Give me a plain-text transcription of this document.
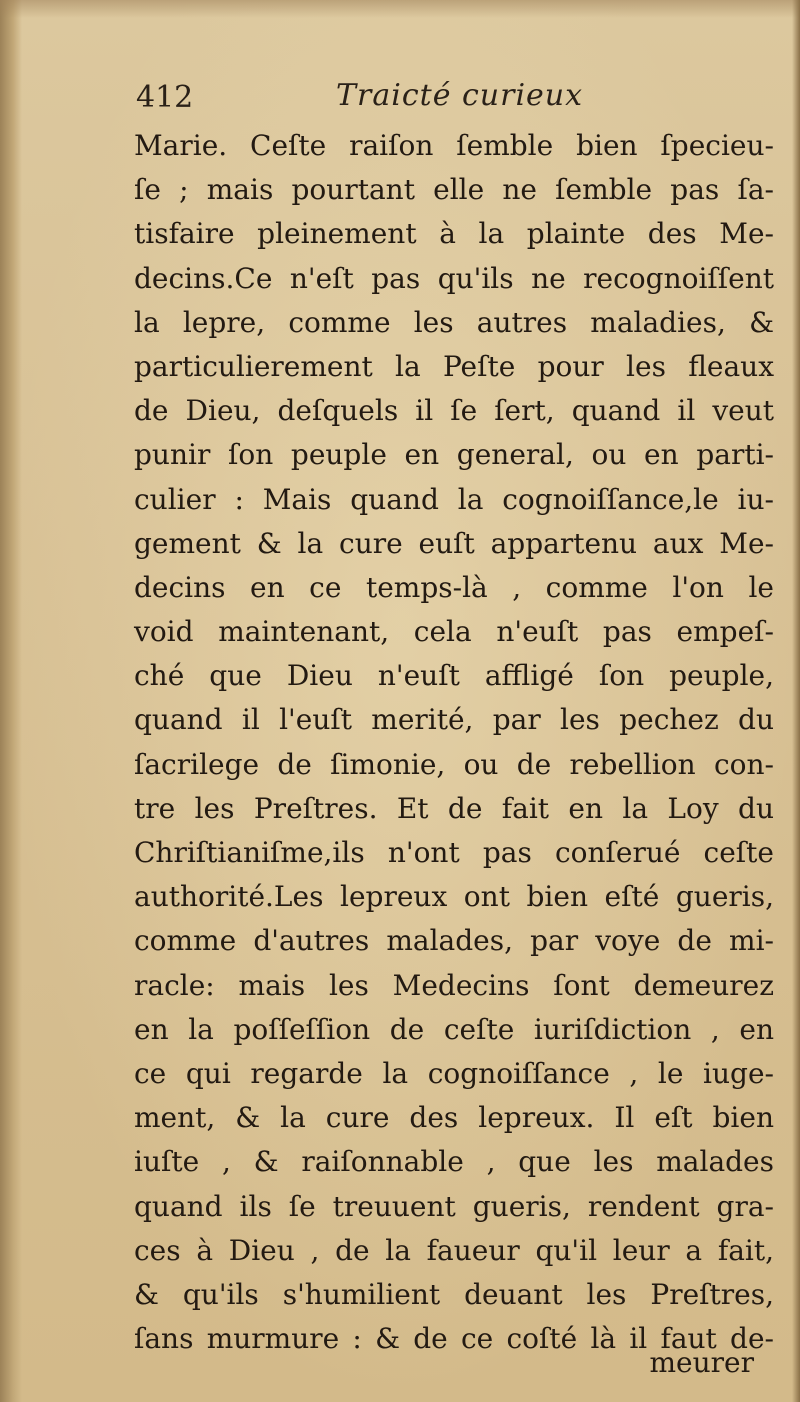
412	Traicté curieux
Marie. Ceſte raiſon ſemble bien ſpecieu-
ſe ; mais pourtant elle ne ſemble pas ſa-
tisfaire pleinement à la plainte des Me-
decins.Ce n'eſt pas qu'ils ne recognoiſſent
la lepre, comme les autres maladies, &
particulierement la Peſte pour les fleaux
de Dieu, deſquels il ſe ſert, quand il veut
punir ſon peuple en general, ou en parti-
culier : Mais quand la cognoiſſance,le iu-
gement & la cure euſt appartenu aux Me-
decins en ce temps-là , comme l'on le
void maintenant, cela n'euſt pas empeſ-
ché que Dieu n'euſt affligé ſon peuple,
quand il l'euſt merité, par les pechez du
ſacrilege de ſimonie, ou de rebellion con-
tre les Preſtres. Et de fait en la Loy du
Chriſtianiſme,ils n'ont pas conſerué ceſte
authorité.Les lepreux ont bien eſté gueris,
comme d'autres malades, par voye de mi-
racle: mais les Medecins ſont demeurez
en la poſſeſſion de ceſte iuriſdiction , en
ce qui regarde la cognoiſſance , le iuge-
ment, & la cure des lepreux. Il eſt bien
iuſte , & raiſonnable , que les malades
quand ils ſe treuuent gueris, rendent gra-
ces à Dieu , de la faueur qu'il leur a fait,
& qu'ils s'humilient deuant les Preſtres,
ſans murmure : & de ce coſté là il faut de-
meurer
